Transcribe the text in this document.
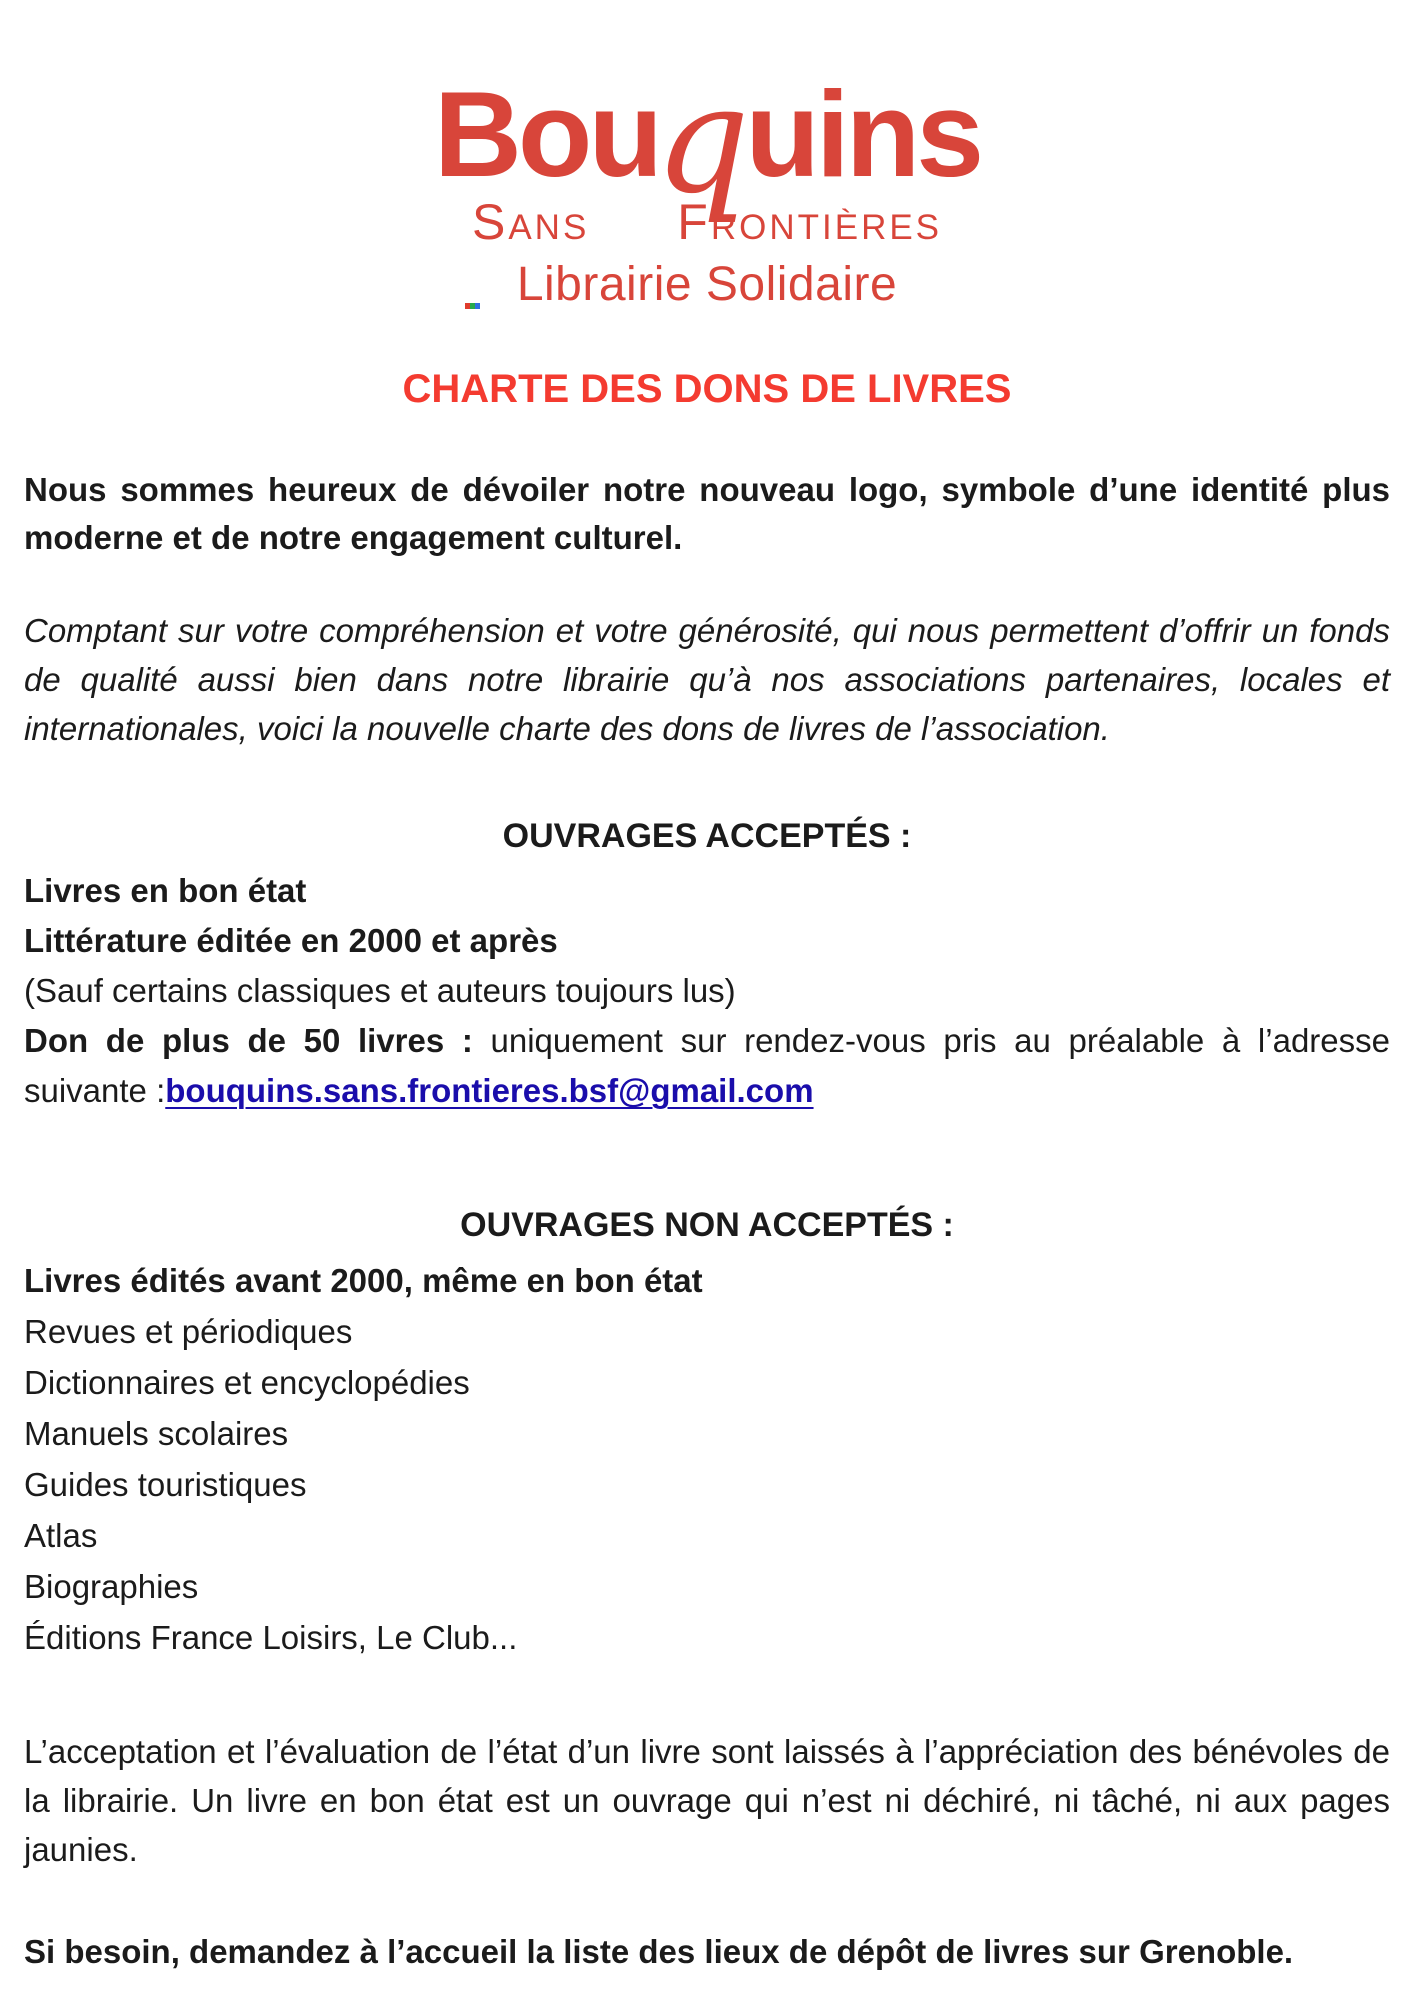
Bouquins
Sans Frontières
Librairie Solidaire
CHARTE DES DONS DE LIVRES

Nous sommes heureux de dévoiler notre nouveau logo, symbole d’une identité plus moderne et de notre engagement culturel.

Comptant sur votre compréhension et votre générosité, qui nous permettent d’offrir un fonds de qualité aussi bien dans notre librairie qu’à nos associations partenaires, locales et internationales, voici la nouvelle charte des dons de livres de l’association.

OUVRAGES ACCEPTÉS :
Livres en bon état
Littérature éditée en 2000 et après
(Sauf certains classiques et auteurs toujours lus)
Don de plus de 50 livres : uniquement sur rendez-vous pris au préalable à l’adresse suivante :bouquins.sans.frontieres.bsf@gmail.com
OUVRAGES NON ACCEPTÉS :
Livres édités avant 2000, même en bon état
Revues et périodiques
Dictionnaires et encyclopédies
Manuels scolaires
Guides touristiques
Atlas
Biographies
Éditions France Loisirs, Le Club...

L’acceptation et l’évaluation de l’état d’un livre sont laissés à l’appréciation des bénévoles de la librairie. Un livre en bon état est un ouvrage qui n’est ni déchiré, ni tâché, ni aux pages jaunies.

Si besoin, demandez à l’accueil la liste des lieux de dépôt de livres sur Grenoble.
